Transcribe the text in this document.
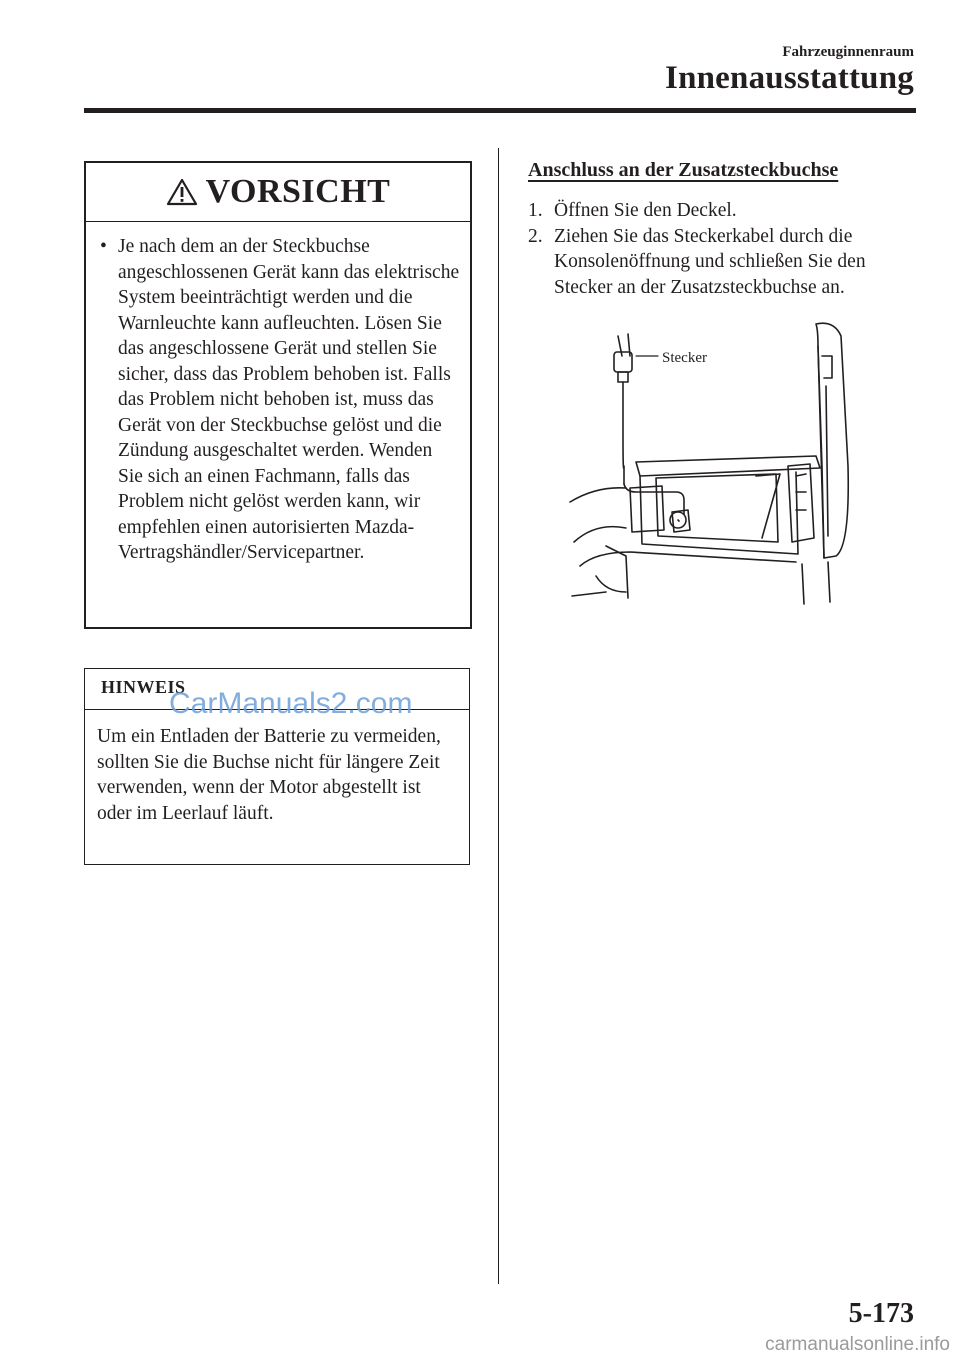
Fahrzeuginnenraum
Innenausstattung
VORSICHT
• Je nach dem an der Steckbuchse angeschlossenen Gerät kann das elektrische System beeinträchtigt werden und die Warnleuchte kann aufleuchten. Lösen Sie das angeschlossene Gerät und stellen Sie sicher, dass das Problem behoben ist. Falls das Problem nicht behoben ist, muss das Gerät von der Steckbuchse gelöst und die Zündung ausgeschaltet werden. Wenden Sie sich an einen Fachmann, falls das Problem nicht gelöst werden kann, wir empfehlen einen autorisierten Mazda-Vertragshändler/Servicepartner.
HINWEIS
CarManuals2.com
Um ein Entladen der Batterie zu vermeiden, sollten Sie die Buchse nicht für längere Zeit verwenden, wenn der Motor abgestellt ist oder im Leerlauf läuft.
Anschluss an der Zusatzsteckbuchse
1. Öffnen Sie den Deckel.
2. Ziehen Sie das Steckerkabel durch die Konsolenöffnung und schließen Sie den Stecker an der Zusatzsteckbuchse an.
Stecker
5-173
carmanualsonline.info
